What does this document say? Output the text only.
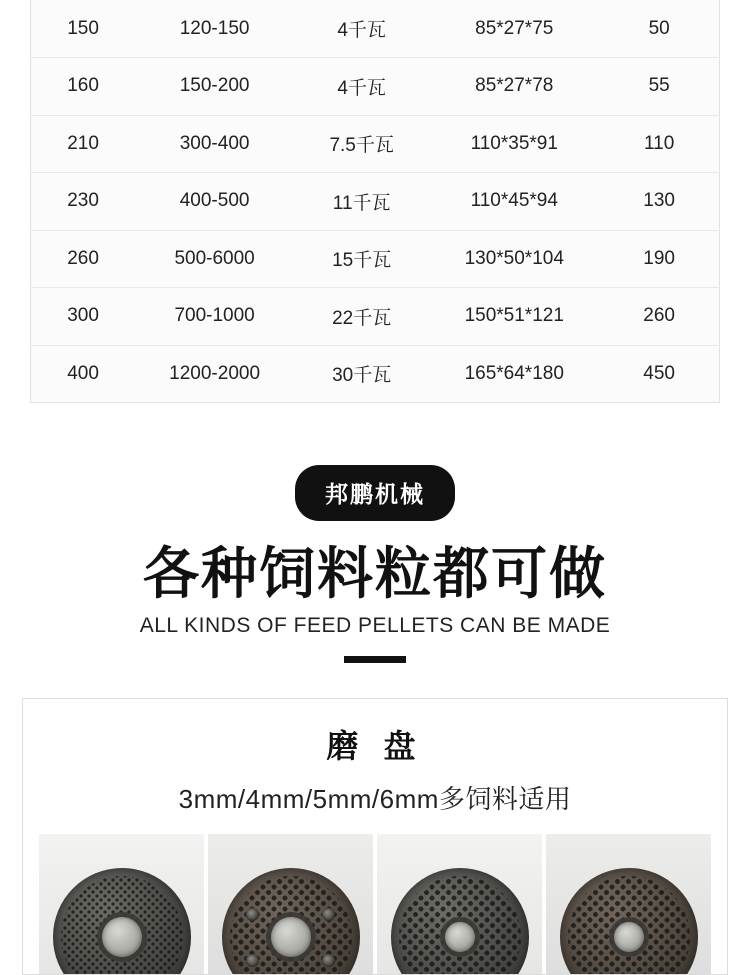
150	120-150	4千瓦	85*27*75	50
160	150-200	4千瓦	85*27*78	55
210	300-400	7.5千瓦	110*35*91	110
230	400-500	11千瓦	110*45*94	130
260	500-6000	15千瓦	130*50*104	190
300	700-1000	22千瓦	150*51*121	260
400	1200-2000	30千瓦	165*64*180	450
邦鹏机械
各种饲料粒都可做
ALL KINDS OF FEED PELLETS CAN BE MADE
磨 盘
3mm/4mm/5mm/6mm多饲料适用
